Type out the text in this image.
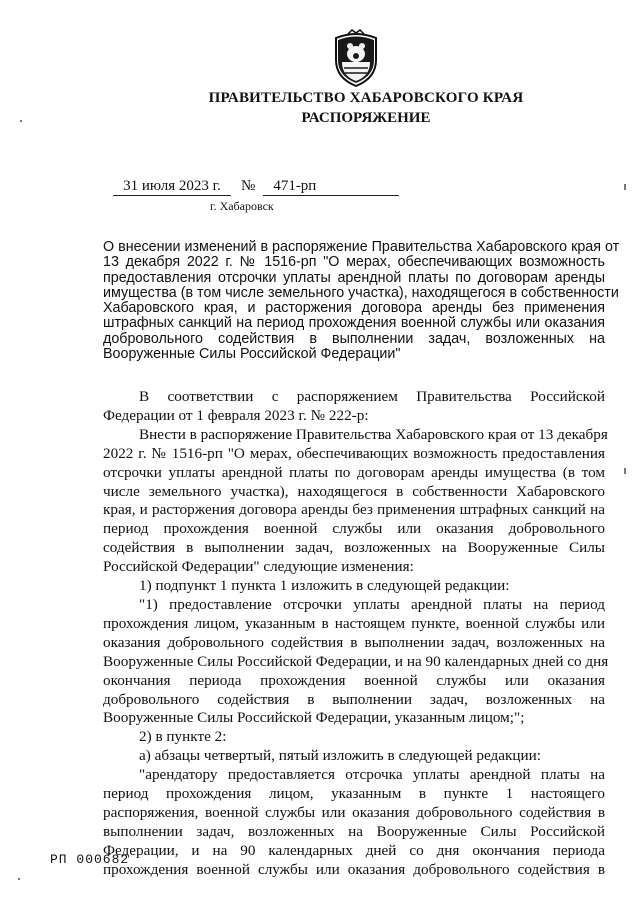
ПРАВИТЕЛЬСТВО ХАБАРОВСКОГО КРАЯ
РАСПОРЯЖЕНИЕ
31 июля 2023 г. № 471-рп
г. Хабаровск
О внесении изменений в распоряжение Правительства Хабаровского края от
13 декабря 2022 г. № 1516-рп "О мерах, обеспечивающих возможность
предоставления отсрочки уплаты арендной платы по договорам аренды
имущества (в том числе земельного участка), находящегося в собственности
Хабаровского края, и расторжения договора аренды без применения
штрафных санкций на период прохождения военной службы или оказания
добровольного содействия в выполнении задач, возложенных на
Вооруженные Силы Российской Федерации"
В соответствии с распоряжением Правительства Российской
Федерации от 1 февраля 2023 г. № 222-р:
Внести в распоряжение Правительства Хабаровского края от 13 декабря
2022 г. № 1516-рп "О мерах, обеспечивающих возможность предоставления
отсрочки уплаты арендной платы по договорам аренды имущества (в том
числе земельного участка), находящегося в собственности Хабаровского
края, и расторжения договора аренды без применения штрафных санкций на
период прохождения военной службы или оказания добровольного
содействия в выполнении задач, возложенных на Вооруженные Силы
Российской Федерации" следующие изменения:
1) подпункт 1 пункта 1 изложить в следующей редакции:
"1) предоставление отсрочки уплаты арендной платы на период
прохождения лицом, указанным в настоящем пункте, военной службы или
оказания добровольного содействия в выполнении задач, возложенных на
Вооруженные Силы Российской Федерации, и на 90 календарных дней со дня
окончания периода прохождения военной службы или оказания
добровольного содействия в выполнении задач, возложенных на
Вооруженные Силы Российской Федерации, указанным лицом;";
2) в пункте 2:
а) абзацы четвертый, пятый изложить в следующей редакции:
"арендатору предоставляется отсрочка уплаты арендной платы на
период прохождения лицом, указанным в пункте 1 настоящего
распоряжения, военной службы или оказания добровольного содействия в
выполнении задач, возложенных на Вооруженные Силы Российской
Федерации, и на 90 календарных дней со дня окончания периода
прохождения военной службы или оказания добровольного содействия в
РП 000682
